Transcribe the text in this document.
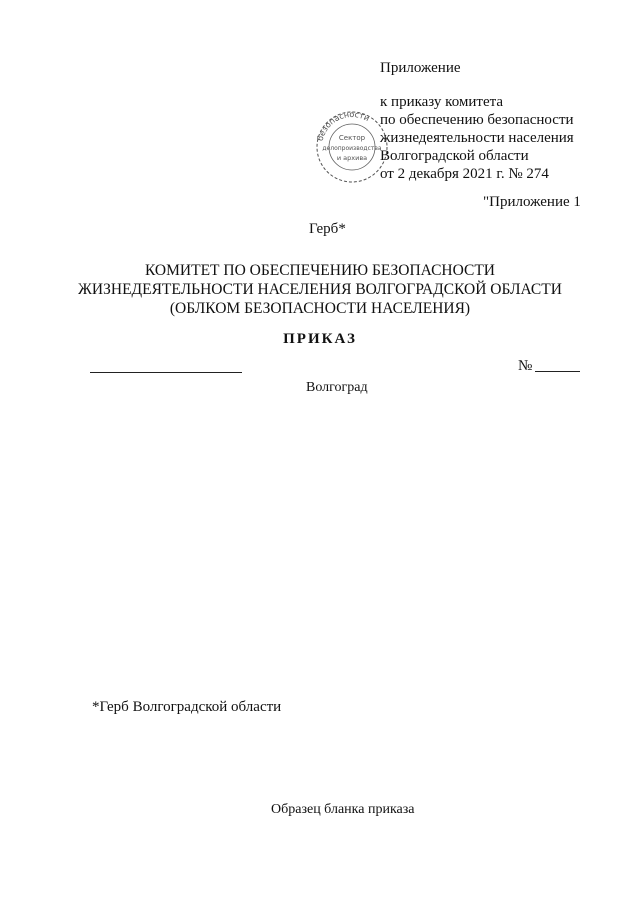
Приложение
к приказу комитета
по обеспечению безопасности
жизнедеятельности населения
Волгоградской области
от 2 декабря 2021 г. № 274
безопасности
Сектор
делопроизводства
и архива
"Приложение 1
Герб*
КОМИТЕТ ПО ОБЕСПЕЧЕНИЮ БЕЗОПАСНОСТИ
ЖИЗНЕДЕЯТЕЛЬНОСТИ НАСЕЛЕНИЯ ВОЛГОГРАДСКОЙ ОБЛАСТИ
(ОБЛКОМ БЕЗОПАСНОСТИ НАСЕЛЕНИЯ)
ПРИКАЗ
№
Волгоград
*Герб Волгоградской области
Образец бланка приказа
